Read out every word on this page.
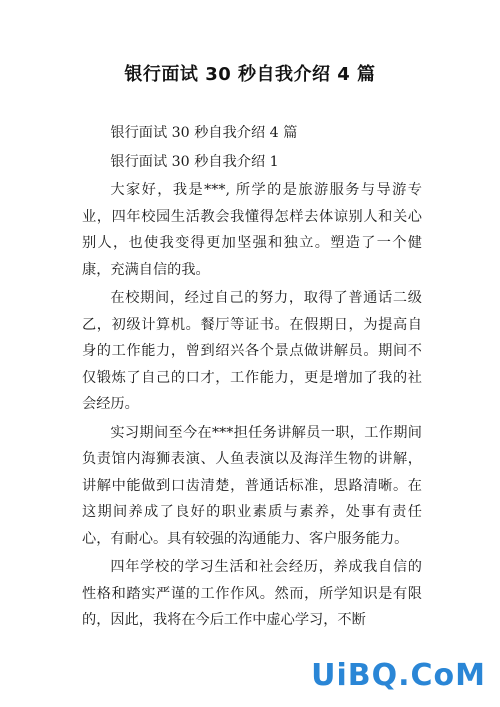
银行面试 30 秒自我介绍 4 篇

银行面试 30 秒自我介绍 4 篇

银行面试 30 秒自我介绍 1

大家好，我是***, 所学的是旅游服务与导游专业，四年校园生活教会我懂得怎样去体谅别人和关心别人，也使我变得更加坚强和独立。塑造了一个健康，充满自信的我。

在校期间，经过自己的努力，取得了普通话二级乙，初级计算机。餐厅等证书。在假期日，为提高自身的工作能力，曾到绍兴各个景点做讲解员。期间不仅锻炼了自己的口才，工作能力，更是增加了我的社会经历。

实习期间至今在***担任务讲解员一职，工作期间负责馆内海狮表演、人鱼表演以及海洋生物的讲解，讲解中能做到口齿清楚，普通话标准，思路清晰。在这期间养成了良好的职业素质与素养，处事有责任心，有耐心。具有较强的沟通能力、客户服务能力。

四年学校的学习生活和社会经历，养成我自信的性格和踏实严谨的工作作风。然而，所学知识是有限的，因此，我将在今后工作中虚心学习，不断

UiBQ.CoM
